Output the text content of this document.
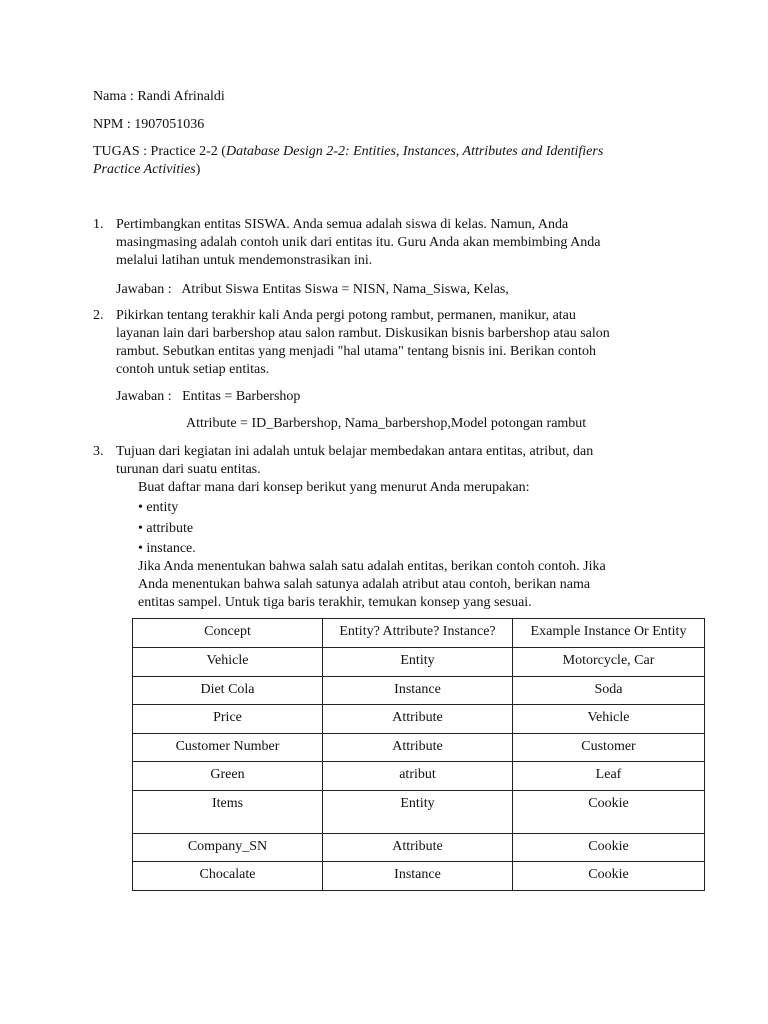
Nama : Randi Afrinaldi
NPM : 1907051036
TUGAS : Practice 2-2 (Database Design 2-2: Entities, Instances, Attributes and Identifiers
Practice Activities)
1. Pertimbangkan entitas SISWA. Anda semua adalah siswa di kelas. Namun, Anda
masingmasing adalah contoh unik dari entitas itu. Guru Anda akan membimbing Anda
melalui latihan untuk mendemonstrasikan ini.
Jawaban :   Atribut Siswa Entitas Siswa = NISN, Nama_Siswa, Kelas,
2. Pikirkan tentang terakhir kali Anda pergi potong rambut, permanen, manikur, atau
layanan lain dari barbershop atau salon rambut. Diskusikan bisnis barbershop atau salon
rambut. Sebutkan entitas yang menjadi "hal utama" tentang bisnis ini. Berikan contoh
contoh untuk setiap entitas.
Jawaban :   Entitas = Barbershop
Attribute = ID_Barbershop, Nama_barbershop,Model potongan rambut
3. Tujuan dari kegiatan ini adalah untuk belajar membedakan antara entitas, atribut, dan
turunan dari suatu entitas.
Buat daftar mana dari konsep berikut yang menurut Anda merupakan:
• entity
• attribute
• instance.
Jika Anda menentukan bahwa salah satu adalah entitas, berikan contoh contoh. Jika
Anda menentukan bahwa salah satunya adalah atribut atau contoh, berikan nama
entitas sampel. Untuk tiga baris terakhir, temukan konsep yang sesuai.
Concept	Entity? Attribute? Instance?	Example Instance Or Entity
Vehicle	Entity	Motorcycle, Car
Diet Cola	Instance	Soda
Price	Attribute	Vehicle
Customer Number	Attribute	Customer
Green	atribut	Leaf
Items	Entity	Cookie
Company_SN	Attribute	Cookie
Chocalate	Instance	Cookie
